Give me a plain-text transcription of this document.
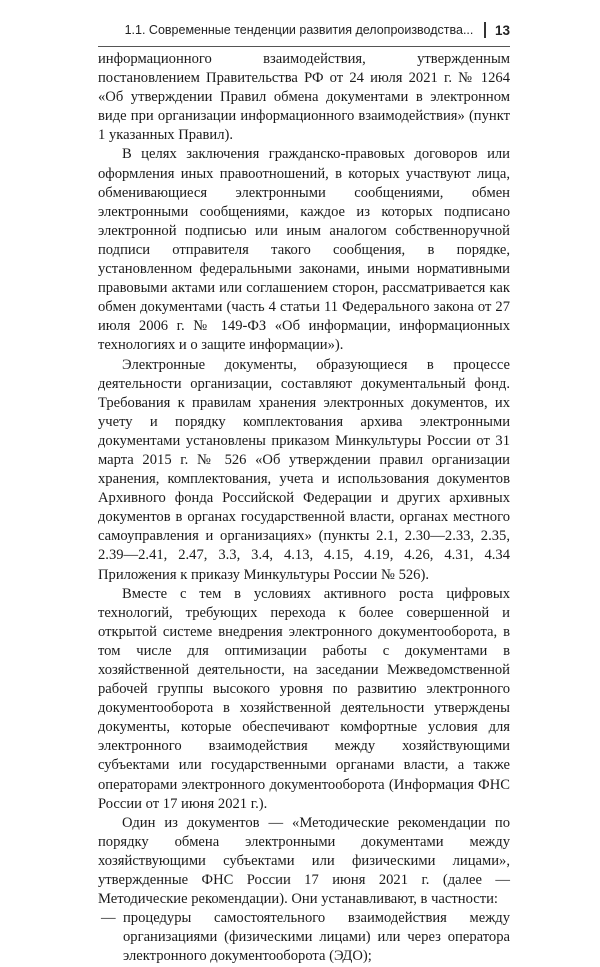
1.1. Современные тенденции развития делопроизводства... 13

информационного взаимодействия, утвержденным постановлением Правительства РФ от 24 июля 2021 г. № 1264 «Об утверждении Правил обмена документами в электронном виде при организации информационного взаимодействия» (пункт 1 указанных Правил).

В целях заключения гражданско-правовых договоров или оформления иных правоотношений, в которых участвуют лица, обменивающиеся электронными сообщениями, обмен электронными сообщениями, каждое из которых подписано электронной подписью или иным аналогом собственноручной подписи отправителя такого сообщения, в порядке, установленном федеральными законами, иными нормативными правовыми актами или соглашением сторон, рассматривается как обмен документами (часть 4 статьи 11 Федерального закона от 27 июля 2006 г. № 149-ФЗ «Об информации, информационных технологиях и о защите информации»).

Электронные документы, образующиеся в процессе деятельности организации, составляют документальный фонд. Требования к правилам хранения электронных документов, их учету и порядку комплектования архива электронными документами установлены приказом Минкультуры России от 31 марта 2015 г. № 526 «Об утверждении правил организации хранения, комплектования, учета и использования документов Архивного фонда Российской Федерации и других архивных документов в органах государственной власти, органах местного самоуправления и организациях» (пункты 2.1, 2.30—2.33, 2.35, 2.39—2.41, 2.47, 3.3, 3.4, 4.13, 4.15, 4.19, 4.26, 4.31, 4.34 Приложения к приказу Минкультуры России № 526).

Вместе с тем в условиях активного роста цифровых технологий, требующих перехода к более совершенной и открытой системе внедрения электронного документооборота, в том числе для оптимизации работы с документами в хозяйственной деятельности, на заседании Межведомственной рабочей группы высокого уровня по развитию электронного документооборота в хозяйственной деятельности утверждены документы, которые обеспечивают комфортные условия для электронного взаимодействия между хозяйствующими субъектами или государственными органами власти, а также операторами электронного документооборота (Информация ФНС России от 17 июня 2021 г.).

Один из документов — «Методические рекомендации по порядку обмена электронными документами между хозяйствующими субъектами или физическими лицами», утвержденные ФНС России 17 июня 2021 г. (далее — Методические рекомендации). Они устанавливают, в частности:

— процедуры самостоятельного взаимодействия между организациями (физическими лицами) или через оператора электронного документооборота (ЭДО);
